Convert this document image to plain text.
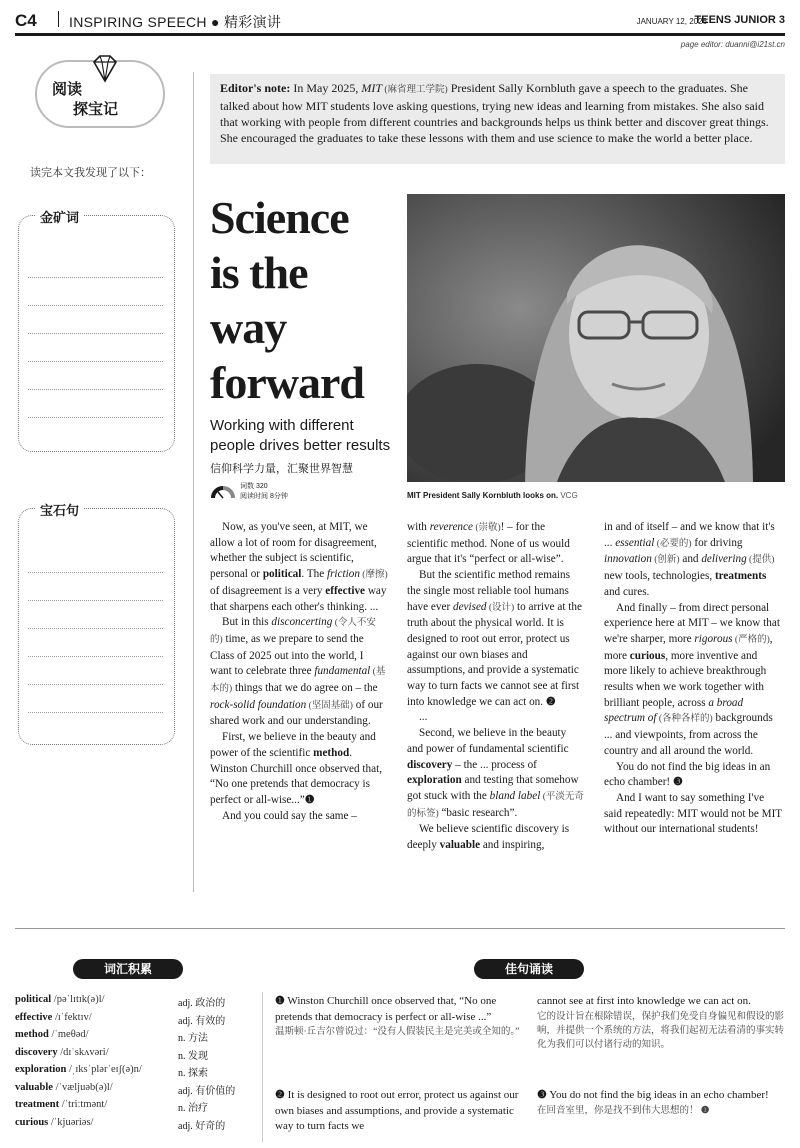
C4 INSPIRING SPEECH ● 精彩演讲	JANUARY 12, 2026
TEENS JUNIOR 3
page editor: duanni@i21st.cn
阅读
探宝记
读完本文我发现了以下：
金矿词
宝石句

Editor's note: In May 2025, MIT (麻省理工学院) President Sally Kornbluth gave a speech to the graduates. She talked about how MIT students love asking questions, trying new ideas and learning from mistakes. She also said that working with people from different countries and backgrounds helps us think better and discover great things. She encouraged the graduates to take these lessons with them and use science to make the world a better place.

Science
is the
way
forward
Working with different people drives better results
信仰科学力量，汇聚世界智慧
词数 320
阅读时间 8分钟	MIT President Sally Kornbluth looks on. VCG

Now, as you've seen, at MIT, we allow a lot of room for disagreement, whether the subject is scientific, personal or political. The friction (摩擦) of disagreement is a very effective way that sharpens each other's thinking. ...

But in this disconcerting (令人不安的) time, as we prepare to send the Class of 2025 out into the world, I want to celebrate three fundamental (基本的) things that we do agree on – the rock-solid foundation (坚固基础) of our shared work and our understanding.

First, we believe in the beauty and power of the scientific method. Winston Churchill once observed that, “No one pretends that democracy is perfect or all-wise...”❶

And you could say the same –

with reverence (崇敬)! – for the scientific method. None of us would argue that it's “perfect or all-wise”.

But the scientific method remains the single most reliable tool humans have ever devised (设计) to arrive at the truth about the physical world. It is designed to root out error, protect us against our own biases and assumptions, and provide a systematic way to turn facts we cannot see at first into knowledge we can act on. ❷

...

Second, we believe in the beauty and power of fundamental scientific discovery – the ... process of exploration and testing that somehow got stuck with the bland label (平淡无奇的标签) “basic research”.

We believe scientific discovery is deeply valuable and inspiring,

in and of itself – and we know that it's ... essential (必要的) for driving innovation (创新) and delivering (提供) new tools, technologies, treatments and cures.

And finally – from direct personal experience here at MIT – we know that we're sharper, more rigorous (严格的), more curious, more inventive and more likely to achieve breakthrough results when we work together with brilliant people, across a broad spectrum of (各种各样的) backgrounds ... and viewpoints, from across the country and all around the world.

You do not find the big ideas in an echo chamber! ❸

And I want to say something I've said repeatedly: MIT would not be MIT without our international students!

词汇积累	佳句诵读
political /pəˈlɪtɪk(ə)l/	adj. 政治的
effective /ɪˈfektɪv/	adj. 有效的
method /ˈmeθəd/	n. 方法
discovery /dɪˈskʌvəri/	n. 发现
exploration /ˌɪksˈplərˈeɪʃ(ə)n/	n. 探索
valuable /ˈvæljuəb(ə)l/	adj. 有价值的
treatment /ˈtriːtmənt/	n. 治疗
curious /ˈkjuəriəs/	adj. 好奇的
❶ Winston Churchill once observed that, “No one pretends that democracy is perfect or all-wise ...”
温斯顿·丘吉尔曾说过：“没有人假装民主是完美或全知的。”
❷ It is designed to root out error, protect us against our own biases and assumptions, and provide a systematic way to turn facts we
cannot see at first into knowledge we can act on.
它的设计旨在根除错误，保护我们免受自身偏见和假设的影响，并提供一个系统的方法，将我们起初无法看清的事实转化为我们可以付诸行动的知识。
❸ You do not find the big ideas in an echo chamber!
在回音室里，你是找不到伟大思想的！ ❶
